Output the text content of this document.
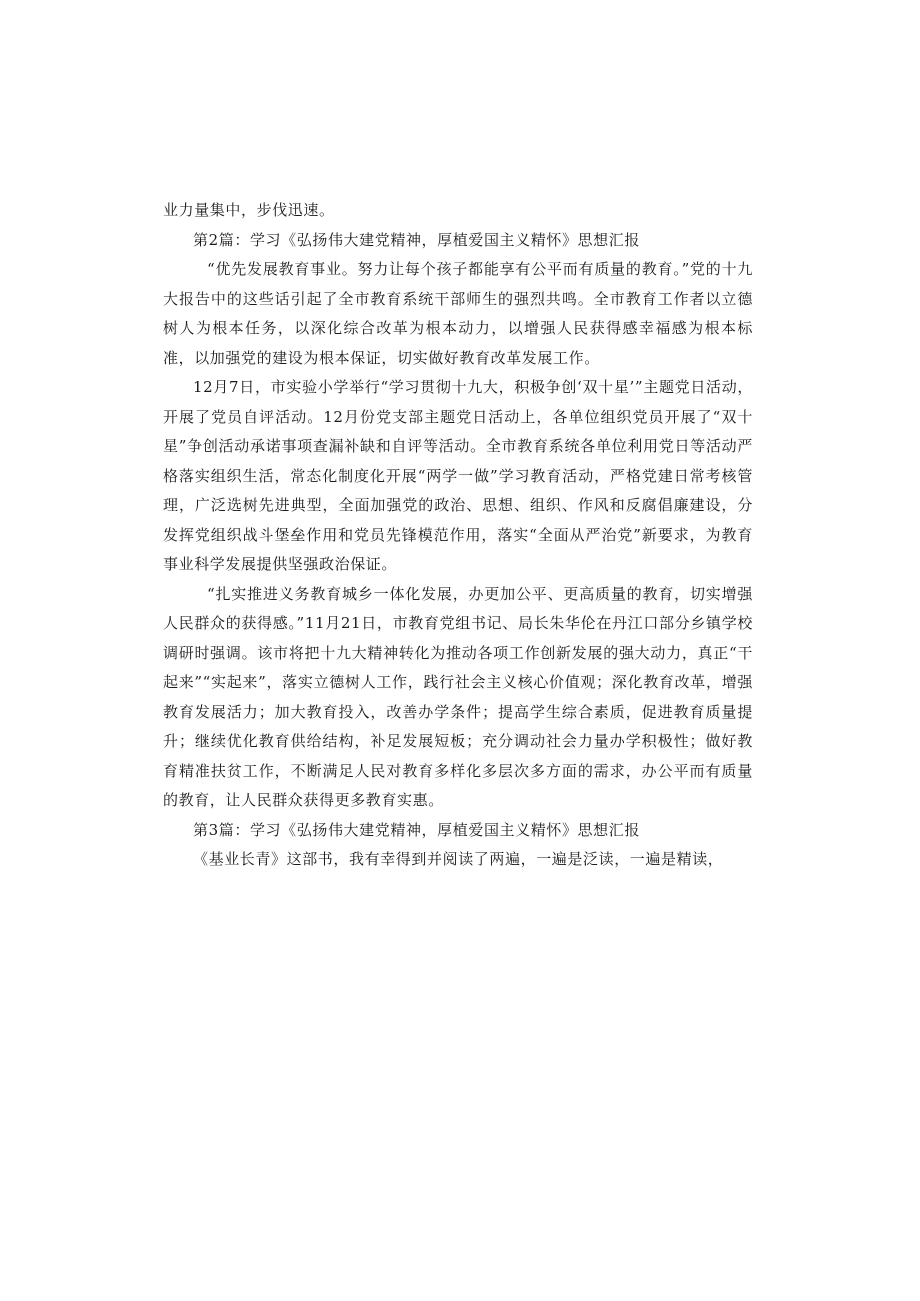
业力量集中，步伐迅速。

第2篇：学习《弘扬伟大建党精神，厚植爱国主义精怀》思想汇报

“优先发展教育事业。努力让每个孩子都能享有公平而有质量的教育。”党的十九大报告中的这些话引起了全市教育系统干部师生的强烈共鸣。全市教育工作者以立德树人为根本任务，以深化综合改革为根本动力，以增强人民获得感幸福感为根本标准，以加强党的建设为根本保证，切实做好教育改革发展工作。

12月7日，市实验小学举行“学习贯彻十九大，积极争创‘双十星’”主题党日活动，开展了党员自评活动。12月份党支部主题党日活动上，各单位组织党员开展了“双十星”争创活动承诺事项查漏补缺和自评等活动。全市教育系统各单位利用党日等活动严格落实组织生活，常态化制度化开展“两学一做”学习教育活动，严格党建日常考核管理，广泛选树先进典型，全面加强党的政治、思想、组织、作风和反腐倡廉建设，分发挥党组织战斗堡垒作用和党员先锋模范作用，落实“全面从严治党”新要求，为教育事业科学发展提供坚强政治保证。

“扎实推进义务教育城乡一体化发展，办更加公平、更高质量的教育，切实增强人民群众的获得感。”11月21日，市教育党组书记、局长朱华伦在丹江口部分乡镇学校调研时强调。该市将把十九大精神转化为推动各项工作创新发展的强大动力，真正“干起来”“实起来”，落实立德树人工作，践行社会主义核心价值观；深化教育改革，增强教育发展活力；加大教育投入，改善办学条件；提高学生综合素质，促进教育质量提升；继续优化教育供给结构，补足发展短板；充分调动社会力量办学积极性；做好教育精准扶贫工作，不断满足人民对教育多样化多层次多方面的需求，办公平而有质量的教育，让人民群众获得更多教育实惠。

第3篇：学习《弘扬伟大建党精神，厚植爱国主义精怀》思想汇报

《基业长青》这部书，我有幸得到并阅读了两遍，一遍是泛读，一遍是精读，
